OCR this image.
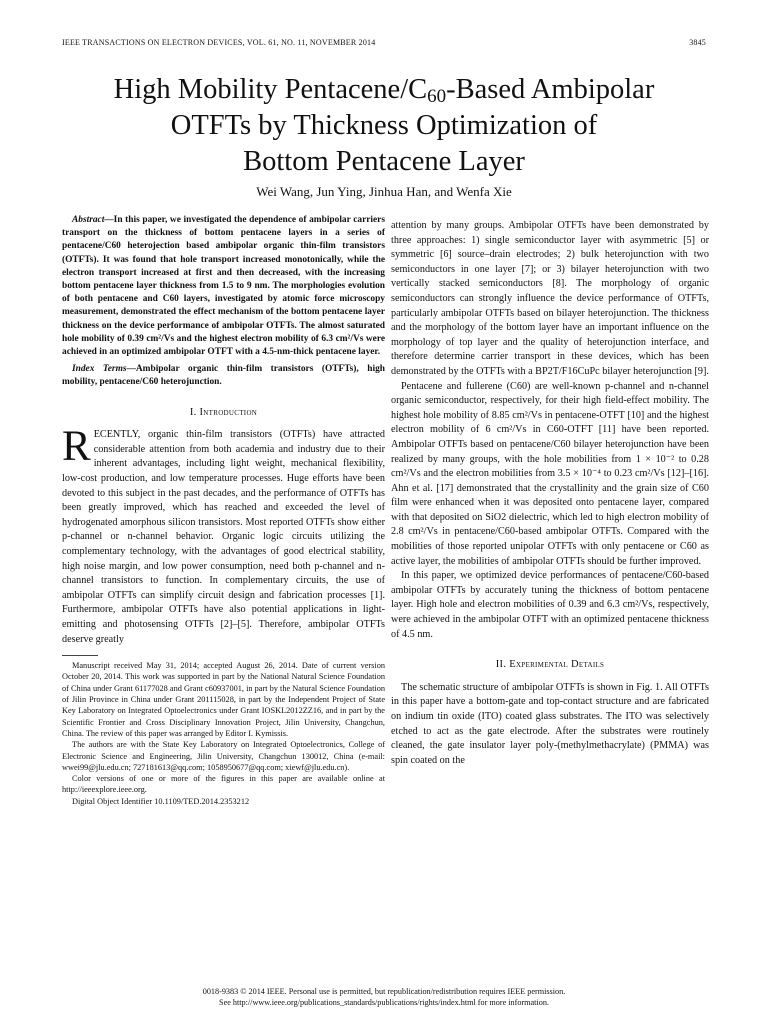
IEEE TRANSACTIONS ON ELECTRON DEVICES, VOL. 61, NO. 11, NOVEMBER 2014	3845
High Mobility Pentacene/$C_{60}$-Based Ambipolar
OTFTs by Thickness Optimization of
Bottom Pentacene Layer
Wei Wang, Jun Ying, Jinhua Han, and Wenfa Xie

Abstract—In this paper, we investigated the dependence of ambipolar carriers transport on the thickness of bottom pentacene layers in a series of pentacene/C60 heterojection based ambipolar organic thin-film transistors (OTFTs). It was found that hole transport increased monotonically, while the electron transport increased at first and then decreased, with the increasing bottom pentacene layer thickness from 1.5 to 9 nm. The morphologies evolution of both pentacene and C60 layers, investigated by atomic force microscopy measurement, demonstrated the effect mechanism of the bottom pentacene layer thickness on the device performance of ambipolar OTFTs. The almost saturated hole mobility of 0.39 cm²/Vs and the highest electron mobility of 6.3 cm²/Vs were achieved in an optimized ambipolar OTFT with a 4.5-nm-thick pentacene layer.

Index Terms—Ambipolar organic thin-film transistors (OTFTs), high mobility, pentacene/C60 heterojunction.

I. Introduction

RECENTLY, organic thin-film transistors (OTFTs) have attracted considerable attention from both academia and industry due to their inherent advantages, including light weight, mechanical flexibility, low-cost production, and low temperature processes. Huge efforts have been devoted to this subject in the past decades, and the performance of OTFTs has been greatly improved, which has reached and exceeded the level of hydrogenated amorphous silicon transistors. Most reported OTFTs show either p-channel or n-channel behavior. Organic logic circuits utilizing the complementary technology, with the advantages of good electrical stability, high noise margin, and low power consumption, need both p-channel and n-channel transistors to function. In complementary circuits, the use of ambipolar OTFTs can simplify circuit design and fabrication processes [1]. Furthermore, ambipolar OTFTs have also potential applications in light-emitting and photosensing OTFTs [2]–[5]. Therefore, ambipolar OTFTs deserve greatly

Manuscript received May 31, 2014; accepted August 26, 2014. Date of current version October 20, 2014. This work was supported in part by the National Natural Science Foundation of China under Grant 61177028 and Grant c60937001, in part by the Natural Science Foundation of Jilin Province in China under Grant 201115028, in part by the Independent Project of State Key Laboratory on Integrated Optoelectronics under Grant IOSKL2012ZZ16, and in part by the Scientific Frontier and Cross Disciplinary Innovation Project, Jilin University, Changchun, China. The review of this paper was arranged by Editor I. Kymissis.

The authors are with the State Key Laboratory on Integrated Optoelectronics, College of Electronic Science and Engineering, Jilin University, Changchun 130012, China (e-mail: wwei99@jlu.edu.cn; 727181613@qq.com; 1058950677@qq.com; xiewf@jlu.edu.cn).

Color versions of one or more of the figures in this paper are available online at http://ieeexplore.ieee.org.

Digital Object Identifier 10.1109/TED.2014.2353212

attention by many groups. Ambipolar OTFTs have been demonstrated by three approaches: 1) single semiconductor layer with asymmetric [5] or symmetric [6] source–drain electrodes; 2) bulk heterojunction with two semiconductors in one layer [7]; or 3) bilayer heterojunction with two vertically stacked semiconductors [8]. The morphology of organic semiconductors can strongly influence the device performance of OTFTs, particularly ambipolar OTFTs based on bilayer heterojunction. The thickness and the morphology of the bottom layer have an important influence on the morphology of top layer and the quality of heterojunction interface, and therefore determine carrier transport in these devices, which has been demonstrated by the OTFTs with a BP2T/F16CuPc bilayer heterojunction [9].

Pentacene and fullerene (C60) are well-known p-channel and n-channel organic semiconductor, respectively, for their high field-effect mobility. The highest hole mobility of 8.85 cm²/Vs in pentacene-OTFT [10] and the highest electron mobility of 6 cm²/Vs in C60-OTFT [11] have been reported. Ambipolar OTFTs based on pentacene/C60 bilayer heterojunction have been realized by many groups, with the hole mobilities from 1 × 10⁻² to 0.28 cm²/Vs and the electron mobilities from 3.5 × 10⁻⁴ to 0.23 cm²/Vs [12]–[16]. Ahn et al. [17] demonstrated that the crystallinity and the grain size of C60 film were enhanced when it was deposited onto pentacene layer, compared with that deposited on SiO2 dielectric, which led to high electron mobility of 2.8 cm²/Vs in pentacene/C60-based ambipolar OTFTs. Compared with the mobilities of those reported unipolar OTFTs with only pentacene or C60 as active layer, the mobilities of ambipolar OTFTs should be further improved.

In this paper, we optimized device performances of pentacene/C60-based ambipolar OTFTs by accurately tuning the thickness of bottom pentacene layer. High hole and electron mobilities of 0.39 and 6.3 cm²/Vs, respectively, were achieved in the ambipolar OTFT with an optimized pentacene thickness of 4.5 nm.

II. Experimental Details

The schematic structure of ambipolar OTFTs is shown in Fig. 1. All OTFTs in this paper have a bottom-gate and top-contact structure and are fabricated on indium tin oxide (ITO) coated glass substrates. The ITO was selectively etched to act as the gate electrode. After the substrates were routinely cleaned, the gate insulator layer poly-(methylmethacrylate) (PMMA) was spin coated on the

0018-9383 © 2014 IEEE. Personal use is permitted, but republication/redistribution requires IEEE permission.
See http://www.ieee.org/publications_standards/publications/rights/index.html for more information.
